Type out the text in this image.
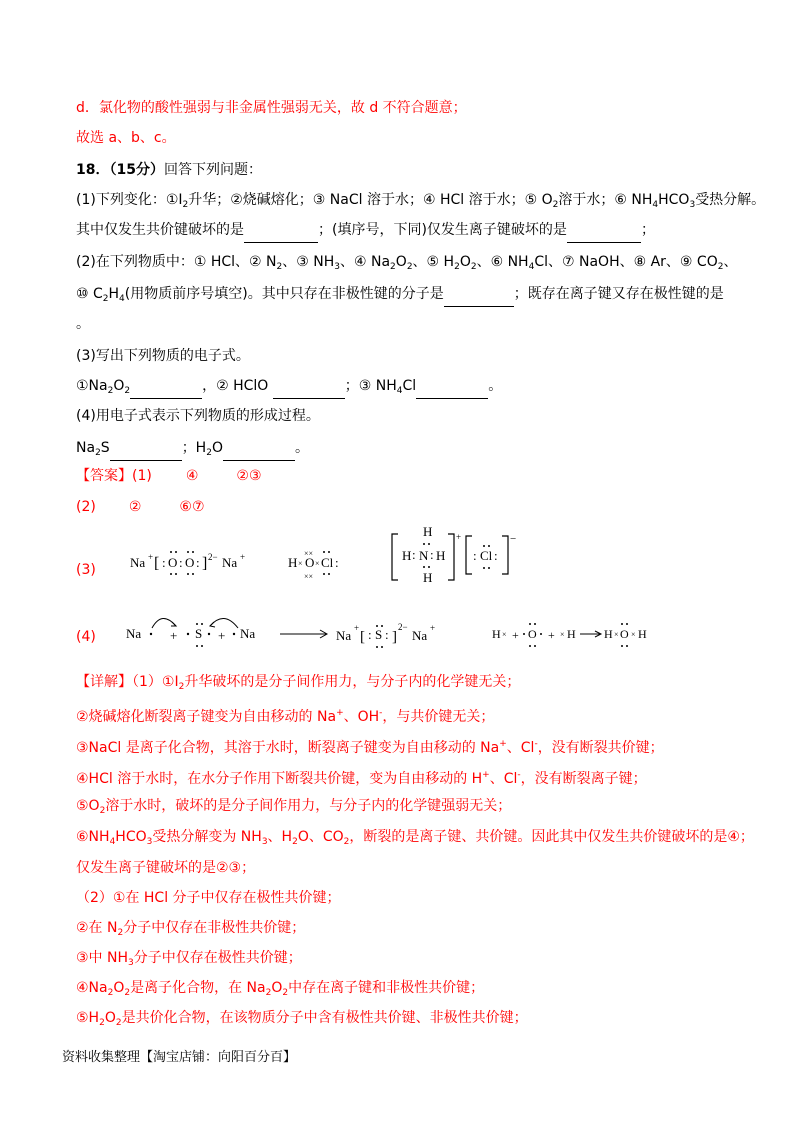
d．氯化物的酸性强弱与非金属性强弱无关，故 d 不符合题意；
故选 a、b、c。
18．（15分）回答下列问题：
(1)下列变化：$①I_2$升华；②烧碱熔化；③ NaCl 溶于水；④ HCl 溶于水；⑤ $O_2$溶于水；⑥ $NH_4HCO_3$受热分解。
其中仅发生共价键破坏的是	；(填序号，下同)仅发生离子键破坏的是	；
(2)在下列物质中：① HCl、② $N_2$、③ $NH_3$、④ $Na_2O_2$、⑤ $H_2O_2$、⑥ $NH_4Cl$、⑦ NaOH、⑧ Ar、⑨ $CO_2$、
⑩ $C_2H_4$(用物质前序号填空)。其中只存在非极性键的分子是	；既存在离子键又存在极性键的是
。
(3)写出下列物质的电子式。
$①Na_2O_2$	，② HClO	；③ $NH_4Cl$	。
(4)用电子式表示下列物质的形成过程。
$Na_2S$	；$H_2O$	。
【答案】(1) ④	②③
(2) ②	⑥⑦
(3)	Na + [ : O : O : ] 2− Na +	H × O × Cl :
××
××
H
H : N : H
H
+
: Cl :
−
(4) Na + S + Na	Na +
[ : S : ]
2−
Na +	H × + O + × H H × O × H
【详解】$(1)①I_2$升华破坏的是分子间作用力，与分子内的化学键无关；
②烧碱熔化断裂离子键变为自由移动的 Na+、OH-，与共价键无关；
③NaCl 是离子化合物，其溶于水时，断裂离子键变为自由移动的 Na+、Cl-，没有断裂共价键；
④HCl 溶于水时，在水分子作用下断裂共价键，变为自由移动的 H+、Cl-，没有断裂离子键；
$⑤O_2$溶于水时，破坏的是分子间作用力，与分子内的化学键强弱无关；
$⑥NH_4HCO_3$受热分解变为 $NH_3$、$H_2O$、$CO_2$，断裂的是离子键、共价键。因此其中仅发生共价键破坏的是④；
仅发生离子键破坏的是②③；
（2）①在 HCl 分子中仅存在极性共价键；
②在 $N_2$分子中仅存在非极性共价键；
③中 $NH_3$分子中仅存在极性共价键；
$④Na_2O_2$是离子化合物，在 $Na_2O_2$中存在离子键和非极性共价键；
$⑤H_2O_2$是共价化合物，在该物质分子中含有极性共价键、非极性共价键；
资料收集整理【淘宝店铺：向阳百分百】
